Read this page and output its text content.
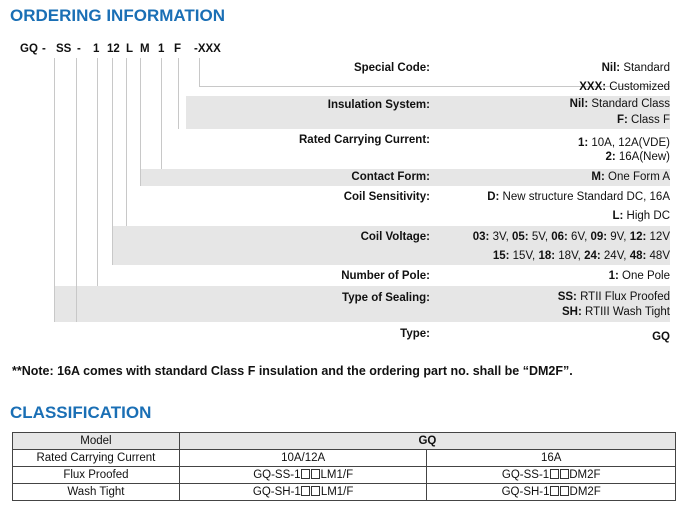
ORDERING INFORMATION
GQ - SS - 1 12 L M 1 F -XXX
Special Code:	Nil: Standard
XXX: Customized
Insulation System:	Nil: Standard Class
F: Class F
Rated Carrying Current:	1: 10A, 12A(VDE)
2: 16A(New)
Contact Form:	M: One Form A
Coil Sensitivity:	D: New structure Standard DC, 16A
L: High DC
Coil Voltage:	03: 3V, 05: 5V, 06: 6V, 09: 9V, 12: 12V
15: 15V, 18: 18V, 24: 24V, 48: 48V
Number of Pole:	1: One Pole
Type of Sealing:	SS: RTII Flux Proofed
SH: RTIII Wash Tight
Type:	GQ
**Note: 16A comes with standard Class F insulation and the ordering part no. shall be “DM2F”.
CLASSIFICATION
Model	GQ	
Rated Carrying Current	10A/12A	16A
Flux Proofed	GQ-SS-1 LM1/F	GQ-SS-1 DM2F
Wash Tight	GQ-SH-1 LM1/F	GQ-SH-1 DM2F
